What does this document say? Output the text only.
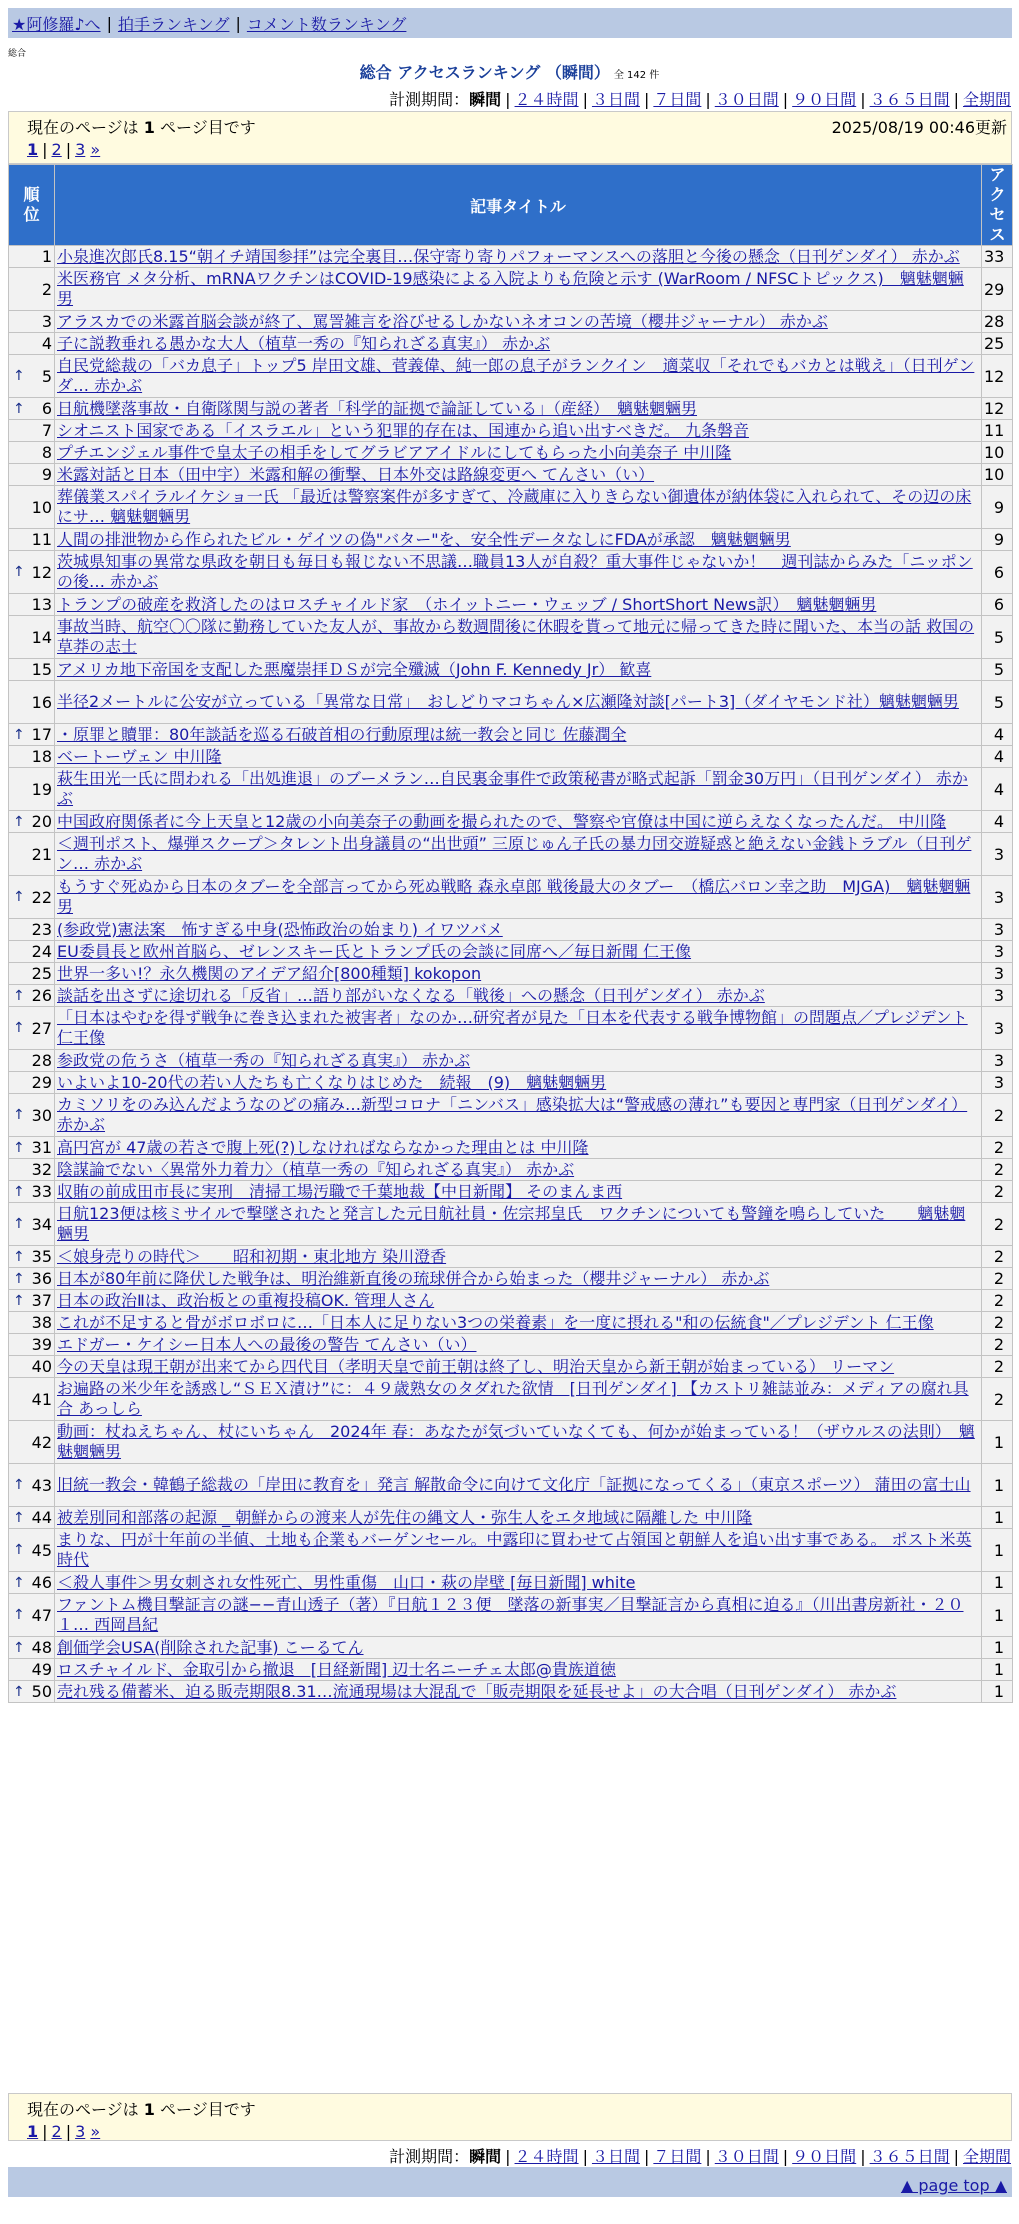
★阿修羅♪へ | 拍手ランキング | コメント数ランキング
総合
総合 アクセスランキング （瞬間） 全 142 件
計測期間：瞬間 | ２４時間 | ３日間 | ７日間 | ３０日間 | ９０日間 | ３６５日間 | 全期間
現在のページは 1 ページ目です	2025/08/19 00:46更新
1 | 2 | 3 »
順位	記事タイトル	アクセス

1	小泉進次郎氏8.15“朝イチ靖国参拝”は完全裏目…保守寄り寄りパフォーマンスへの落胆と今後の懸念（日刊ゲンダイ） 赤かぶ	33
2	米医務官 メタ分析、mRNAワクチンはCOVID-19感染による入院よりも危険と示す (WarRoom / NFSCトピックス)　魑魅魍魎男	29
3	アラスカでの米露首脳会談が終了、罵詈雑言を浴びせるしかないネオコンの苦境（櫻井ジャーナル） 赤かぶ	28
4	子に説教垂れる愚かな大人（植草一秀の『知られざる真実』） 赤かぶ	25

↑ 5	自民党総裁の「バカ息子」トップ5 岸田文雄、菅義偉、純一郎の息子がランクイン　適菜収「それでもバカとは戦え」（日刊ゲンダ… 赤かぶ	12

↑ 6	日航機墜落事故・自衛隊関与説の著者「科学的証拠で論証している」（産経）　魑魅魍魎男	12
7	シオニスト国家である「イスラエル」という犯罪的存在は、国連から追い出すべきだ。 九条磐音	11
8	プチエンジェル事件で皇太子の相手をしてグラビアアイドルにしてもらった小向美奈子 中川隆	10
9	米露対話と日本（田中宇）米露和解の衝撃、日本外交は路線変更へ てんさい（い）	10
10	葬儀業スパイラルイケショ一氏 「最近は警察案件が多すぎて、冷蔵庫に入りきらない御遺体が納体袋に入れられて、その辺の床にサ… 魑魅魍魎男	9
11	人間の排泄物から作られたビル・ゲイツの偽"バター"を、安全性データなしにFDAが承認　魑魅魍魎男	9

↑ 12	茨城県知事の異常な県政を朝日も毎日も報じない不思議…職員13人が自殺？重大事件じゃないか！　週刊誌からみた「ニッポンの後… 赤かぶ	6
13	トランプの破産を救済したのはロスチャイルド家　（ホイットニー・ウェッブ / ShortShort News訳）　魑魅魍魎男	6
14	事故当時、航空〇〇隊に勤務していた友人が、事故から数週間後に休暇を貰って地元に帰ってきた時に聞いた、本当の話 救国の草莽の志士	5
15	アメリカ地下帝国を支配した悪魔崇拝ＤＳが完全殲滅（John F. Kennedy Jr） 歓喜	5
16	半径2メートルに公安が立っている「異常な日常」　おしどりマコちゃん×広瀬隆対談[パート3]（ダイヤモンド社）魑魅魍魎男	5

↑ 17	・原罪と贖罪：80年談話を巡る石破首相の行動原理は統一教会と同じ 佐藤潤全	4
18	ベートーヴェン 中川隆	4
19	萩生田光一氏に問われる「出処進退」のブーメラン…自民裏金事件で政策秘書が略式起訴「罰金30万円」（日刊ゲンダイ） 赤かぶ	4

↑ 20	中国政府関係者に今上天皇と12歳の小向美奈子の動画を撮られたので、警察や官僚は中国に逆らえなくなったんだ。 中川隆	4
21	＜週刊ポスト、爆弾スクープ＞タレント出身議員の“出世頭” 三原じゅん子氏の暴力団交遊疑惑と絶えない金銭トラブル（日刊ゲン… 赤かぶ	3

↑ 22	もうすぐ死ぬから日本のタブーを全部言ってから死ぬ戦略 森永卓郎 戦後最大のタブー　（橋広バロン幸之助　MJGA)　魑魅魍魎男	3
23	(参政党)憲法案　怖すぎる中身(恐怖政治の始まり) イワツバメ	3
24	EU委員長と欧州首脳ら、ゼレンスキー氏とトランプ氏の会談に同席へ／毎日新聞 仁王像	3
25	世界一多い!？永久機関のアイデア紹介[800種類] kokopon	3

↑ 26	談話を出さずに途切れる「反省」…語り部がいなくなる「戦後」への懸念（日刊ゲンダイ） 赤かぶ	3

↑ 27	「日本はやむを得ず戦争に巻き込まれた被害者」なのか…研究者が見た「日本を代表する戦争博物館」の問題点／プレジデント 仁王像	3
28	参政党の危うさ（植草一秀の『知られざる真実』） 赤かぶ	3
29	いよいよ10-20代の若い人たちも亡くなりはじめた　続報　(9)　魑魅魍魎男	3

↑ 30	カミソリをのみ込んだようなのどの痛み…新型コロナ「ニンバス」感染拡大は“警戒感の薄れ”も要因と専門家（日刊ゲンダイ） 赤かぶ	2

↑ 31	高円宮が 47歳の若さで腹上死(?)しなければならなかった理由とは 中川隆	2
32	陰謀論でない〈異常外力着力〉（植草一秀の『知られざる真実』） 赤かぶ	2

↑ 33	収賄の前成田市長に実刑　清掃工場汚職で千葉地裁【中日新聞】 そのまんま西	2

↑ 34	日航123便は核ミサイルで撃墜されたと発言した元日航社員・佐宗邦皇氏　ワクチンについても警鐘を鳴らしていた　　魑魅魍魎男	2

↑ 35	＜娘身売りの時代＞　　昭和初期・東北地方 染川澄香	2

↑ 36	日本が80年前に降伏した戦争は、明治維新直後の琉球併合から始まった（櫻井ジャーナル） 赤かぶ	2

↑ 37	日本の政治Ⅱは、政治板との重複投稿OK. 管理人さん	2
38	これが不足すると骨がボロボロに…「日本人に足りない3つの栄養素」を一度に摂れる"和の伝統食"／プレジデント 仁王像	2
39	エドガー・ケイシー日本人への最後の警告 てんさい（い）	2
40	今の天皇は現王朝が出来てから四代目（孝明天皇で前王朝は終了し、明治天皇から新王朝が始まっている） リーマン	2
41	お遍路の米少年を誘惑し“ＳＥＸ漬け”に：４９歳熟女のタダれた欲情　[日刊ゲンダイ] 【カストリ雑誌並み：メディアの腐れ具合 あっしら	2
42	動画：杖ねえちゃん、杖にいちゃん　2024年 春：あなたが気づいていなくても、何かが始まっている！（ザウルスの法則）　魑魅魍魎男	1

↑ 43	旧統一教会・韓鶴子総裁の「岸田に教育を」発言 解散命令に向けて文化庁「証拠になってくる」（東京スポーツ） 蒲田の富士山	1

↑ 44	被差別同和部落の起源 _ 朝鮮からの渡来人が先住の縄文人・弥生人をエタ地域に隔離した 中川隆	1

↑ 45	まりな、円が十年前の半値、土地も企業もバーゲンセール。中露印に買わせて占領国と朝鮮人を追い出す事である。 ポスト米英時代	1

↑ 46	＜殺人事件＞男女刺され女性死亡、男性重傷　山口・萩の岸壁 [毎日新聞] white	1

↑ 47	ファントム機目撃証言の謎−−青山透子（著）『日航１２３便　墜落の新事実／目撃証言から真相に迫る』（川出書房新社・２０１… 西岡昌紀	1

↑ 48	創価学会USA(削除された記事) こーるてん	1
49	ロスチャイルド、金取引から撤退　[日経新聞] 辺士名ニーチェ太郎@貴族道徳	1

↑ 50	売れ残る備蓄米、迫る販売期限8.31…流通現場は大混乱で「販売期限を延長せよ」の大合唱（日刊ゲンダイ） 赤かぶ	1
現在のページは 1 ページ目です
1 | 2 | 3 »
計測期間：瞬間 | ２４時間 | ３日間 | ７日間 | ３０日間 | ９０日間 | ３６５日間 | 全期間
▲ page top ▲
